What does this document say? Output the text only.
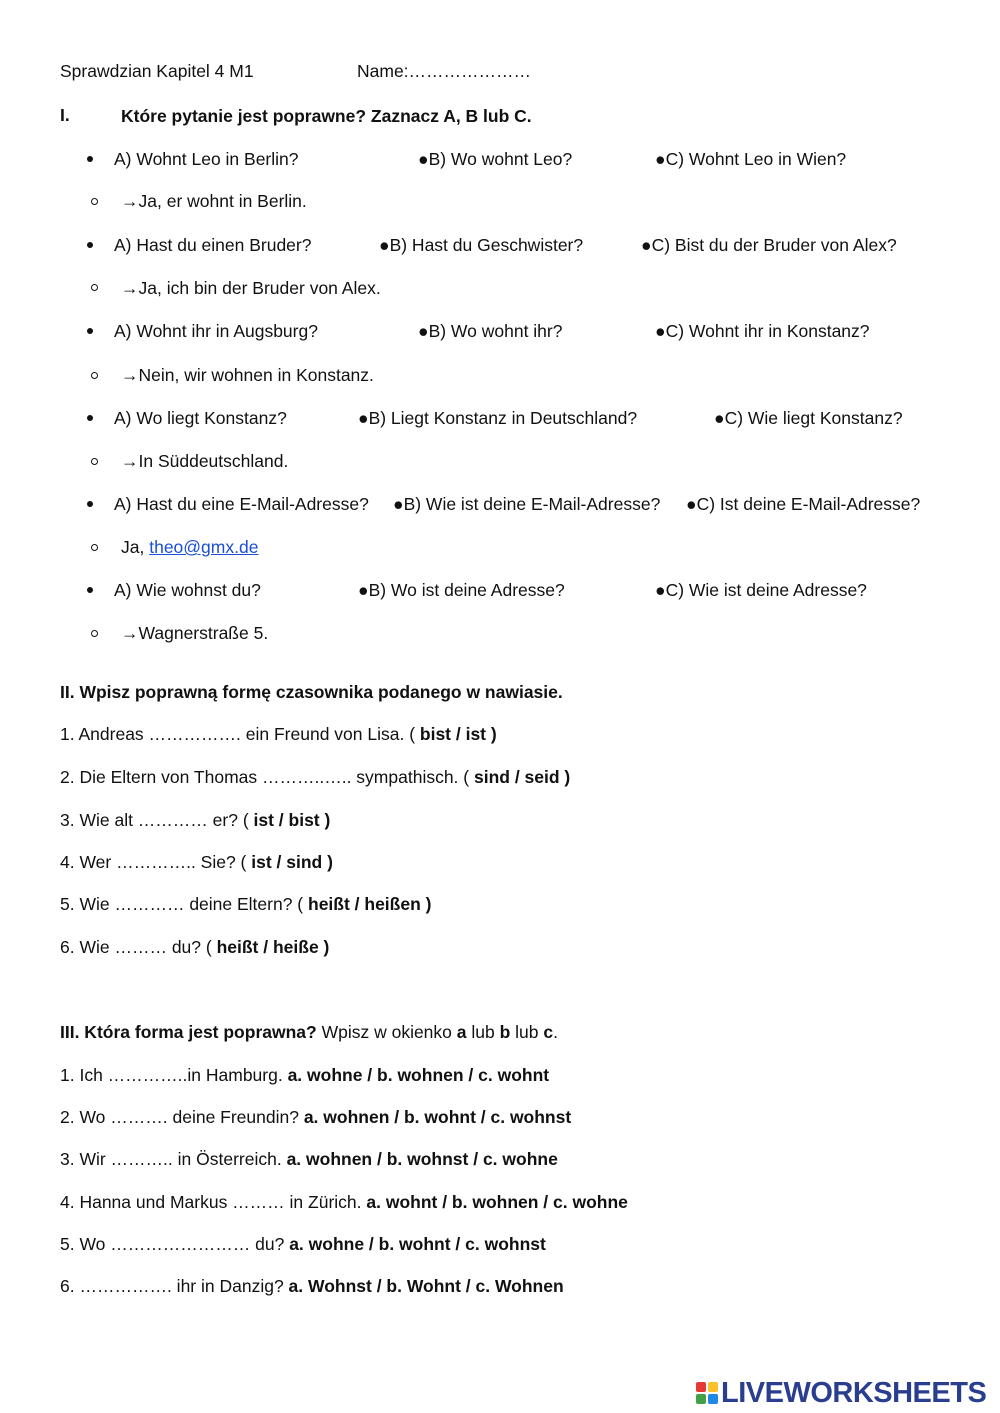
Sprawdzian Kapitel 4 M1	Name:…………………
I.	Które pytanie jest poprawne? Zaznacz A, B lub C.
A) Wohnt Leo in Berlin?	●B) Wo wohnt Leo?	●C) Wohnt Leo in Wien?
→Ja, er wohnt in Berlin.
A) Hast du einen Bruder?	●B) Hast du Geschwister?	●C) Bist du der Bruder von Alex?
→Ja, ich bin der Bruder von Alex.
A) Wohnt ihr in Augsburg?	●B) Wo wohnt ihr?	●C) Wohnt ihr in Konstanz?
→Nein, wir wohnen in Konstanz.
A) Wo liegt Konstanz?	●B) Liegt Konstanz in Deutschland?	●C) Wie liegt Konstanz?
→In Süddeutschland.
A) Hast du eine E-Mail-Adresse? ●B) Wie ist deine E-Mail-Adresse? ●C) Ist deine E-Mail-Adresse?
Ja, theo@gmx.de
A) Wie wohnst du?	●B) Wo ist deine Adresse?	●C) Wie ist deine Adresse?
→Wagnerstraße 5.
II. Wpisz poprawną formę czasownika podanego w nawiasie.
1. Andreas ……………. ein Freund von Lisa. ( bist / ist )
2. Die Eltern von Thomas ………..….. sympathisch. ( sind / seid )
3. Wie alt ………… er? ( ist / bist )
4. Wer ………….. Sie? ( ist / sind )
5. Wie ………… deine Eltern? ( heißt / heißen )
6. Wie ……… du? ( heißt / heiße )
III. Która forma jest poprawna? Wpisz w okienko a lub b lub c.
1. Ich …………..in Hamburg. a. wohne / b. wohnen / c. wohnt
2. Wo ………. deine Freundin? a. wohnen / b. wohnt / c. wohnst
3. Wir ……….. in Österreich. a. wohnen / b. wohnst / c. wohne
4. Hanna und Markus ……… in Zürich. a. wohnt / b. wohnen / c. wohne
5. Wo …………………… du? a. wohne / b. wohnt / c. wohnst
6. ……………. ihr in Danzig? a. Wohnst / b. Wohnt / c. Wohnen
LIVEWORKSHEETS
